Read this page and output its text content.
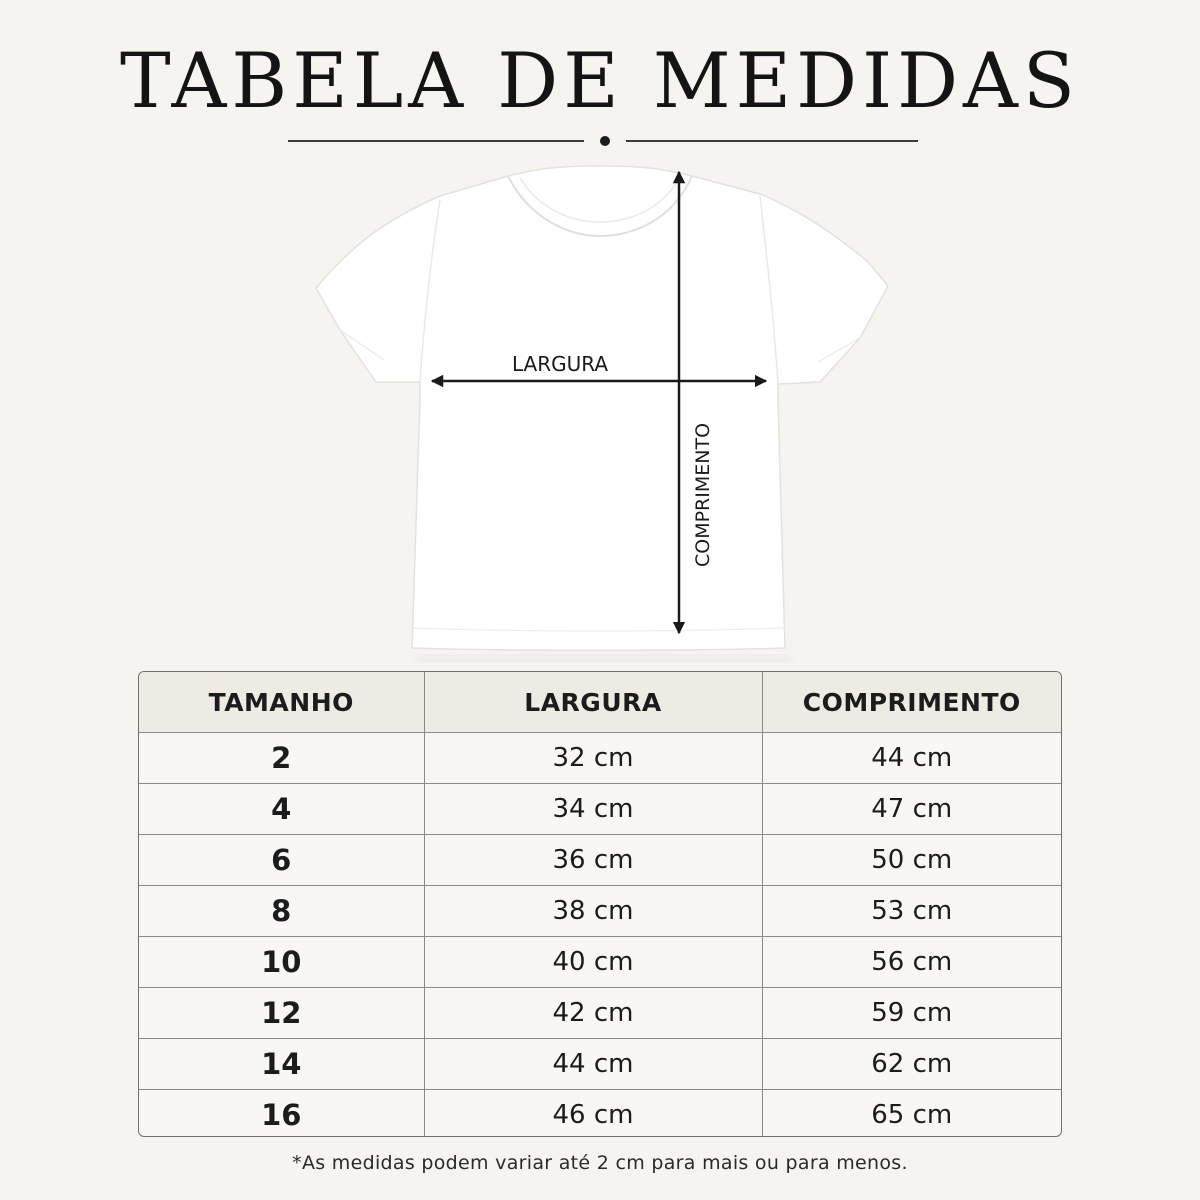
TABELA DE MEDIDAS
LARGURA
COMPRIMENTO
TAMANHO	LARGURA	COMPRIMENTO
2	32 cm	44 cm
4	34 cm	47 cm
6	36 cm	50 cm
8	38 cm	53 cm
10	40 cm	56 cm
12	42 cm	59 cm
14	44 cm	62 cm
16	46 cm	65 cm
*As medidas podem variar até 2 cm para mais ou para menos.
